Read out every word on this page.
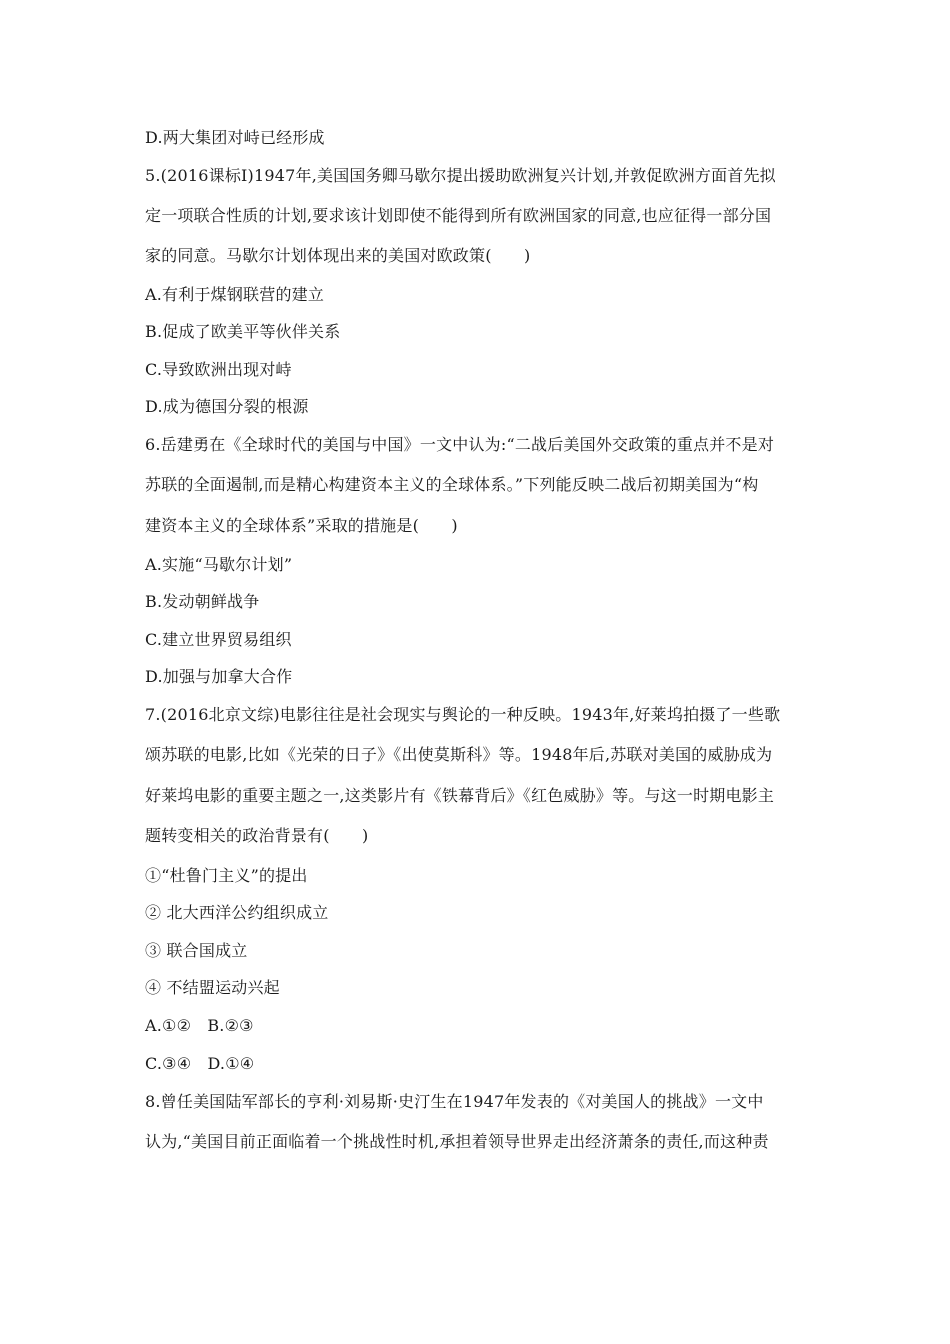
D.两大集团对峙已经形成
5.(2016课标Ⅰ)1947年,美国国务卿马歇尔提出援助欧洲复兴计划,并敦促欧洲方面首先拟
定一项联合性质的计划,要求该计划即使不能得到所有欧洲国家的同意,也应征得一部分国
家的同意。马歇尔计划体现出来的美国对欧政策(　　)
A.有利于煤钢联营的建立
B.促成了欧美平等伙伴关系
C.导致欧洲出现对峙
D.成为德国分裂的根源
6.岳建勇在《全球时代的美国与中国》一文中认为:“二战后美国外交政策的重点并不是对
苏联的全面遏制,而是精心构建资本主义的全球体系。”下列能反映二战后初期美国为“构
建资本主义的全球体系”采取的措施是(　　)
A.实施“马歇尔计划”
B.发动朝鲜战争
C.建立世界贸易组织
D.加强与加拿大合作
7.(2016北京文综)电影往往是社会现实与舆论的一种反映。1943年,好莱坞拍摄了一些歌
颂苏联的电影,比如《光荣的日子》《出使莫斯科》等。1948年后,苏联对美国的威胁成为
好莱坞电影的重要主题之一,这类影片有《铁幕背后》《红色威胁》等。与这一时期电影主
题转变相关的政治背景有(　　)
①“杜鲁门主义”的提出
② 北大西洋公约组织成立
③ 联合国成立
④ 不结盟运动兴起
A.①②　B.②③
C.③④　D.①④
8.曾任美国陆军部长的亨利·刘易斯·史汀生在1947年发表的《对美国人的挑战》一文中
认为,“美国目前正面临着一个挑战性时机,承担着领导世界走出经济萧条的责任,而这种责
